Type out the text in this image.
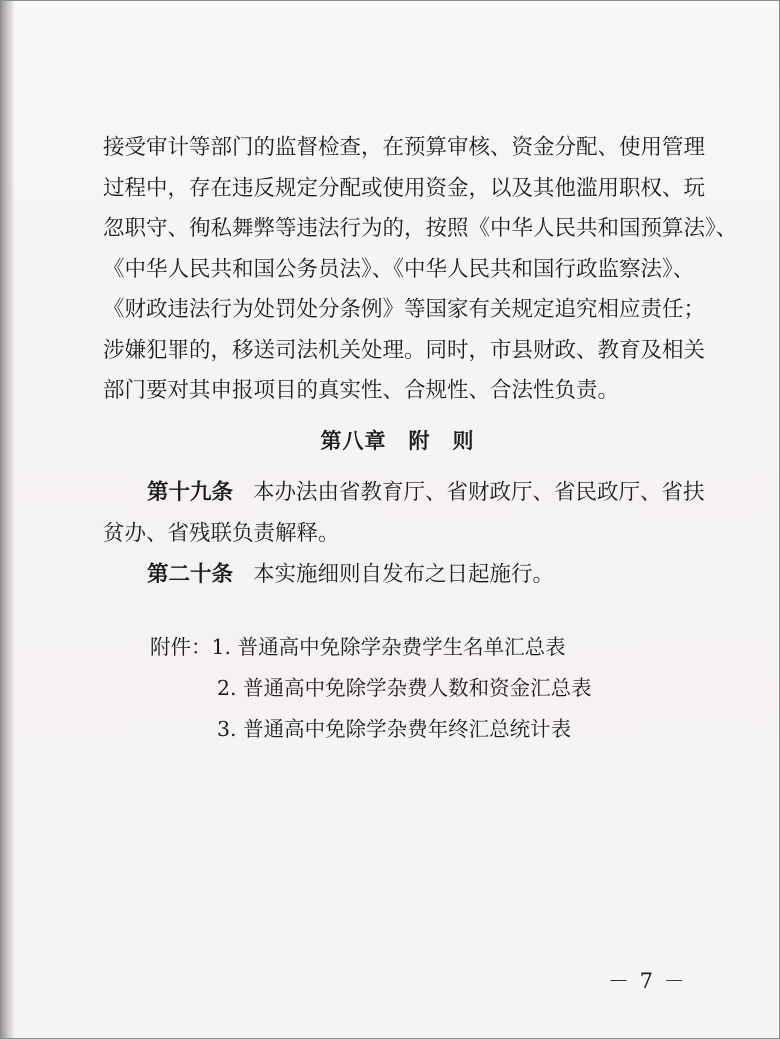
接受审计等部门的监督检查，在预算审核、资金分配、使用管理
过程中，存在违反规定分配或使用资金，以及其他滥用职权、玩
忽职守、徇私舞弊等违法行为的，按照《中华人民共和国预算法》、
《中华人民共和国公务员法》、《中华人民共和国行政监察法》、
《财政违法行为处罚处分条例》等国家有关规定追究相应责任；
涉嫌犯罪的，移送司法机关处理。同时，市县财政、教育及相关
部门要对其申报项目的真实性、合规性、合法性负责。

第八章 附　则
第十九条 本办法由省教育厅、省财政厅、省民政厅、省扶
贫办、省残联负责解释。
第二十条 本实施细则自发布之日起施行。
附件：1. 普通高中免除学杂费学生名单汇总表
2. 普通高中免除学杂费人数和资金汇总表
3. 普通高中免除学杂费年终汇总统计表
－ 7 －
